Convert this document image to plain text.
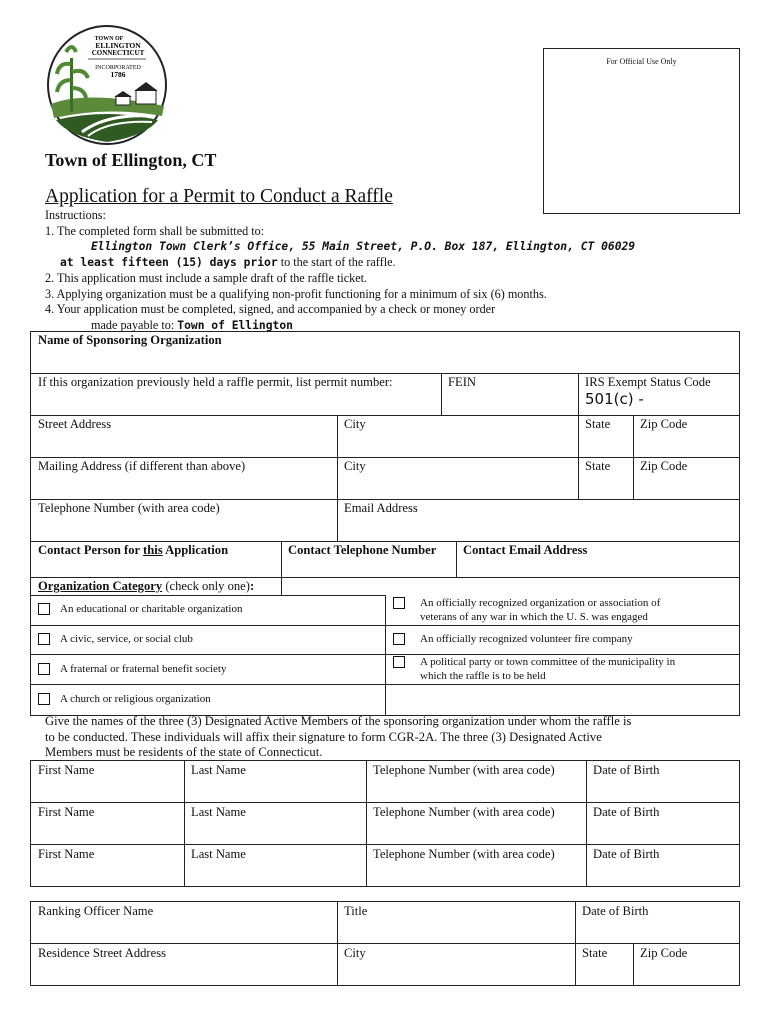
TOWN OF
ELLINGTON
CONNECTICUT
INCORPORATED
1786
For Official Use Only
Town of Ellington, CT
Application for a Permit to Conduct a Raffle
Instructions:
1. The completed form shall be submitted to:
Ellington Town Clerk’s Office, 55 Main Street, P.O. Box 187, Ellington, CT 06029
at least fifteen (15) days prior to the start of the raffle.
2. This application must include a sample draft of the raffle ticket.
3. Applying organization must be a qualifying non-profit functioning for a minimum of six (6) months.
4. Your application must be completed, signed, and accompanied by a check or money order
made payable to: Town of Ellington
Name of Sponsoring Organization
If this organization previously held a raffle permit, list permit number:	FEIN	IRS Exempt Status Code
501(c) -
Street Address	City	State	Zip Code
Mailing Address (if different than above)	City	State	Zip Code
Telephone Number (with area code)	Email Address
Contact Person for this Application	Contact Telephone Number	Contact Email Address
Organization Category (check only one):
An educational or charitable organization
A civic, service, or social club
A fraternal or fraternal benefit society
A church or religious organization
An officially recognized organization or association of
veterans of any war in which the U. S. was engaged
An officially recognized volunteer fire company
A political party or town committee of the municipality in
which the raffle is to be held
Give the names of the three (3) Designated Active Members of the sponsoring organization under whom the raffle is
to be conducted. These individuals will affix their signature to form CGR-2A. The three (3) Designated Active
Members must be residents of the state of Connecticut.
First Name	Last Name	Telephone Number (with area code)	Date of Birth
First Name	Last Name	Telephone Number (with area code)	Date of Birth
First Name	Last Name	Telephone Number (with area code)	Date of Birth
Ranking Officer Name	Title	Date of Birth
Residence Street Address	City	State	Zip Code
